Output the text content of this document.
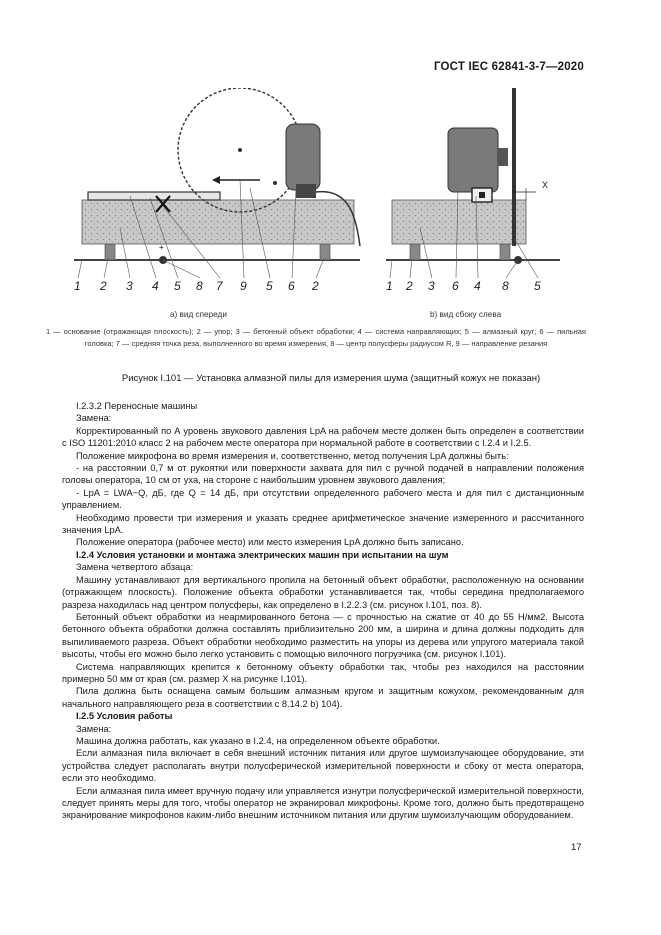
ГОСТ IEC 62841-3-7—2020
+
1 2 3 4 5 8 7 9 5 6 2
X
1 2 3 6 4 8 5
а) вид спереди	b) вид сбоку слева
1 — основание (отражающая плоскость); 2 — упор; 3 — бетонный объект обработки; 4 — система направляющих; 5 — алмазный круг; 6 — пильная головка; 7 — средняя точка реза, выполненного во время измерения, 8 — центр полусферы радиусом R, 9 — направление резания
Рисунок I.101 — Установка алмазной пилы для измерения шума (защитный кожух не показан)

I.2.3.2 Переносные машины

Замена:

Корректированный по А уровень звукового давления LpA на рабочем месте должен быть определен в соответствии с ISO 11201:2010 класс 2 на рабочем месте оператора при нормальной работе в соответствии с I.2.4 и I.2.5.

Положение микрофона во время измерения и, соответственно, метод получения LpA должны быть:

- на расстоянии 0,7 м от рукоятки или поверхности захвата для пил с ручной подачей в направлении положения головы оператора, 10 см от уха, на стороне с наибольшим уровнем звукового давления;

- LpA = LWA−Q, дБ, где Q = 14 дБ, при отсутствии определенного рабочего места и для пил с дистанционным управлением.

Необходимо провести три измерения и указать среднее арифметическое значение измеренного и рассчитанного значения LpA.

Положение оператора (рабочее место) или место измерения LpA должно быть записано.

I.2.4 Условия установки и монтажа электрических машин при испытании на шум

Замена четвертого абзаца:

Машину устанавливают для вертикального пропила на бетонный объект обработки, расположенную на основании (отражающем плоскость). Положение объекта обработки устанавливается так, чтобы середина предполагаемого разреза находилась над центром полусферы, как определено в I.2.2.3 (см. рисунок I.101, поз. 8).

Бетонный объект обработки из неармированного бетона — с прочностью на сжатие от 40 до 55 Н/мм2. Высота бетонного объекта обработки должна составлять приблизительно 200 мм, а ширина и длина должны подходить для выпиливаемого разреза. Объект обработки необходимо разместить на упоры из дерева или упругого материала такой высоты, чтобы его можно было легко установить с помощью вилочного погрузчика (см. рисунок I.101).

Система направляющих крепится к бетонному объекту обработки так, чтобы рез находился на расстоянии примерно 50 мм от края (см. размер X на рисунке I.101).

Пила должна быть оснащена самым большим алмазным кругом и защитным кожухом, рекомендованным для начального направляющего реза в соответствии с 8.14.2 b) 104).

I.2.5 Условия работы

Замена:

Машина должна работать, как указано в I.2.4, на определенном объекте обработки.

Если алмазная пила включает в себя внешний источник питания или другое шумоизлучающее оборудование, эти устройства следует располагать внутри полусферической измерительной поверхности и сбоку от места оператора, если это необходимо.

Если алмазная пила имеет вручную подачу или управляется изнутри полусферической измерительной поверхности, следует принять меры для того, чтобы оператор не экранировал микрофоны. Кроме того, должно быть предотвращено экранирование микрофонов каким-либо внешним источником питания или другим шумоизлучающим оборудованием.

17
